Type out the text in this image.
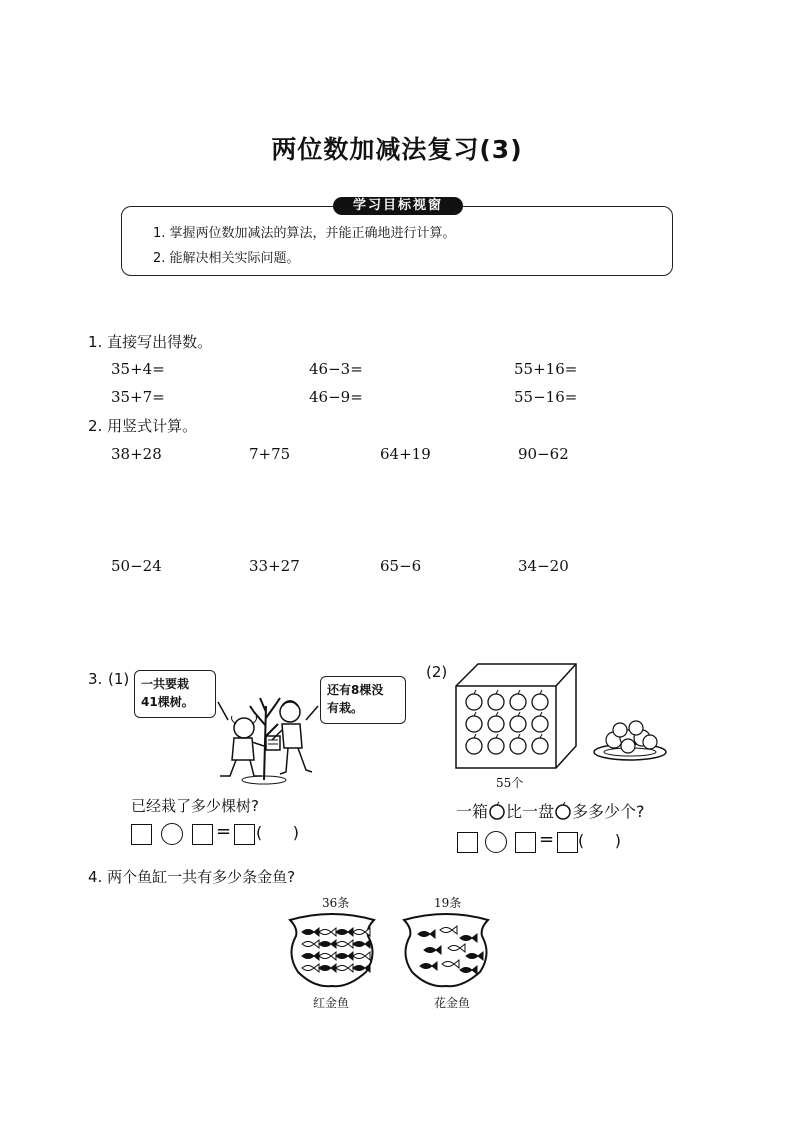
两位数加减法复习(3)
学习目标视窗
1. 掌握两位数加减法的算法，并能正确地进行计算。
2. 能解决相关实际问题。
1. 直接写出得数。
35+4=	46−3=	55+16=
35+7=	46−9=	55−16=
2. 用竖式计算。
38+28	7+75	64+19	90−62
50−24	33+27	65−6	34−20
3. (1) 一共要栽
41棵树。
还有8棵没
有栽。
已经栽了多少棵树?
= (      )
(2)
55个
一箱 比一盘 多多少个?
= (      )
4. 两个鱼缸一共有多少条金鱼?
36条	19条
红金鱼	花金鱼
